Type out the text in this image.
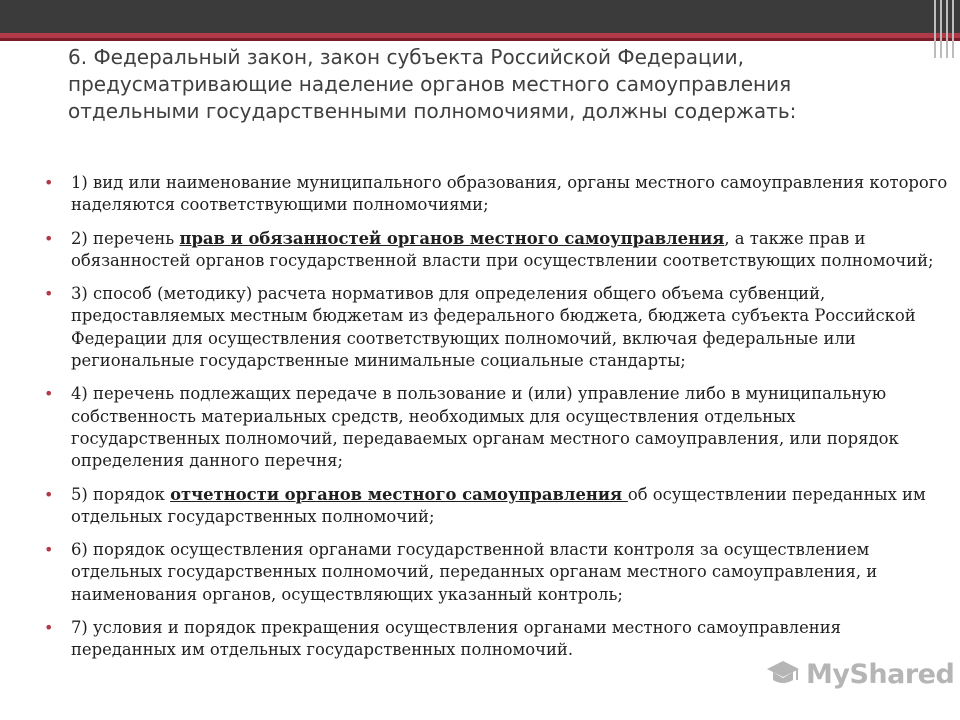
6. Федеральный закон, закон субъекта Российской Федерации, предусматривающие наделение органов местного самоуправления отдельными государственными полномочиями, должны содержать:
• 1) вид или наименование муниципального образования, органы местного самоуправления которого наделяются соответствующими полномочиями;
• 2) перечень прав и обязанностей органов местного самоуправления, а также прав и обязанностей органов государственной власти при осуществлении соответствующих полномочий;
• 3) способ (методику) расчета нормативов для определения общего объема субвенций, предоставляемых местным бюджетам из федерального бюджета, бюджета субъекта Российской Федерации для осуществления соответствующих полномочий, включая федеральные или региональные государственные минимальные социальные стандарты;
• 4) перечень подлежащих передаче в пользование и (или) управление либо в муниципальную собственность материальных средств, необходимых для осуществления отдельных государственных полномочий, передаваемых органам местного самоуправления, или порядок определения данного перечня;
• 5) порядок отчетности органов местного самоуправления об осуществлении переданных им отдельных государственных полномочий;
• 6) порядок осуществления органами государственной власти контроля за осуществлением отдельных государственных полномочий, переданных органам местного самоуправления, и наименования органов, осуществляющих указанный контроль;
• 7) условия и порядок прекращения осуществления органами местного самоуправления переданных им отдельных государственных полномочий.
MyShared
